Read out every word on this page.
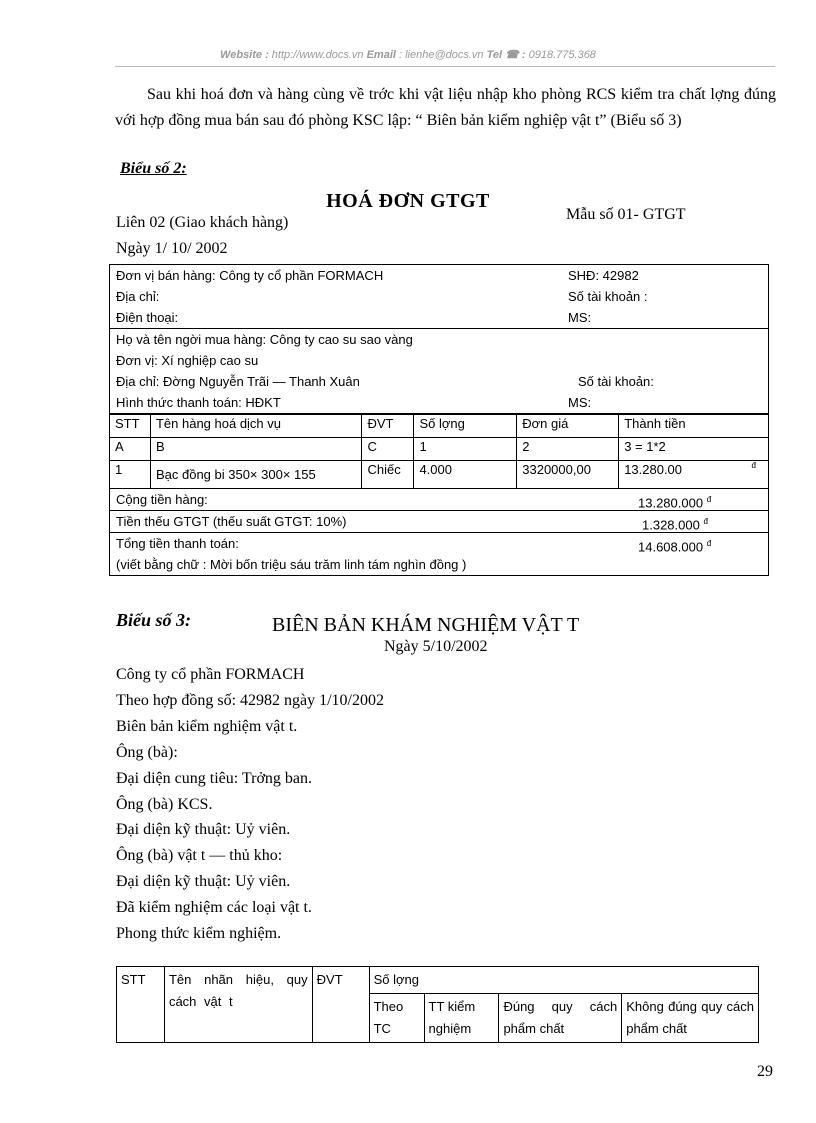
Website : http://www.docs.vn Email : lienhe@docs.vn Tel ☎ : 0918.775.368
Sau khi hoá đơn và hàng cùng về trớc khi vật liệu nhập kho phòng RCS kiểm tra chất lợng đúng với hợp đồng mua bán sau đó phòng KSC lập: “ Biên bản kiểm nghiệp vật t” (Biểu số 3)
Biểu số 2:
HOÁ ĐƠN GTGT
Liên 02 (Giao khách hàng)	Mẫu số 01- GTGT
Ngày 1/ 10/ 2002
Đơn vị bán hàng: Công ty cổ phần FORMACH	SHĐ: 42982
Địa chỉ:	Số tài khoản :
Điện thoại:	MS:
Họ và tên ngời mua hàng: Công ty cao su sao vàng
Đơn vị: Xí nghiệp cao su
Địa chỉ: Đờng Nguyễn Trãi — Thanh Xuân	Số tài khoản:
Hình thức thanh toán: HĐKT	MS:
STT	Tên hàng hoá dịch vụ	ĐVT	Số lợng	Đơn giá	Thành tiền
A	B	C	1	2	3 = 1*2
1	Bạc đồng bi 350× 300× 155	Chiếc	4.000	3320000,00	13.280.00 đ
Cộng tiền hàng:	13.280.000 $^đ$
Tiền thếu GTGT (thếu suất GTGT: 10%)	1.328.000 $^đ$
Tổng tiền thanh toán:	14.608.000 $^đ$
(viết bằng chữ : Mời bốn triệu sáu trăm linh tám nghìn đồng )
Biếu số 3:	BIÊN BẢN KHÁM NGHIỆM VẬT T
Ngày 5/10/2002
Công ty cổ phần FORMACH
Theo hợp đồng số: 42982 ngày 1/10/2002
Biên bản kiểm nghiệm vật t.
Ông (bà):
Đại diện cung tiêu: Trởng ban.
Ông (bà) KCS.
Đại diện kỹ thuật: Uỷ viên.
Ông (bà) vật t — thủ kho:
Đại diện kỹ thuật: Uỷ viên.
Đã kiểm nghiệm các loại vật t.
Phong thức kiểm nghiệm.
STT	Tên nhãn hiệu, quy cách vật t	ĐVT	Số lợng			
			Theo TC	TT kiểm nghiệm	Đúng quy cách phẩm chất	Không đúng quy cách phẩm chất
29
